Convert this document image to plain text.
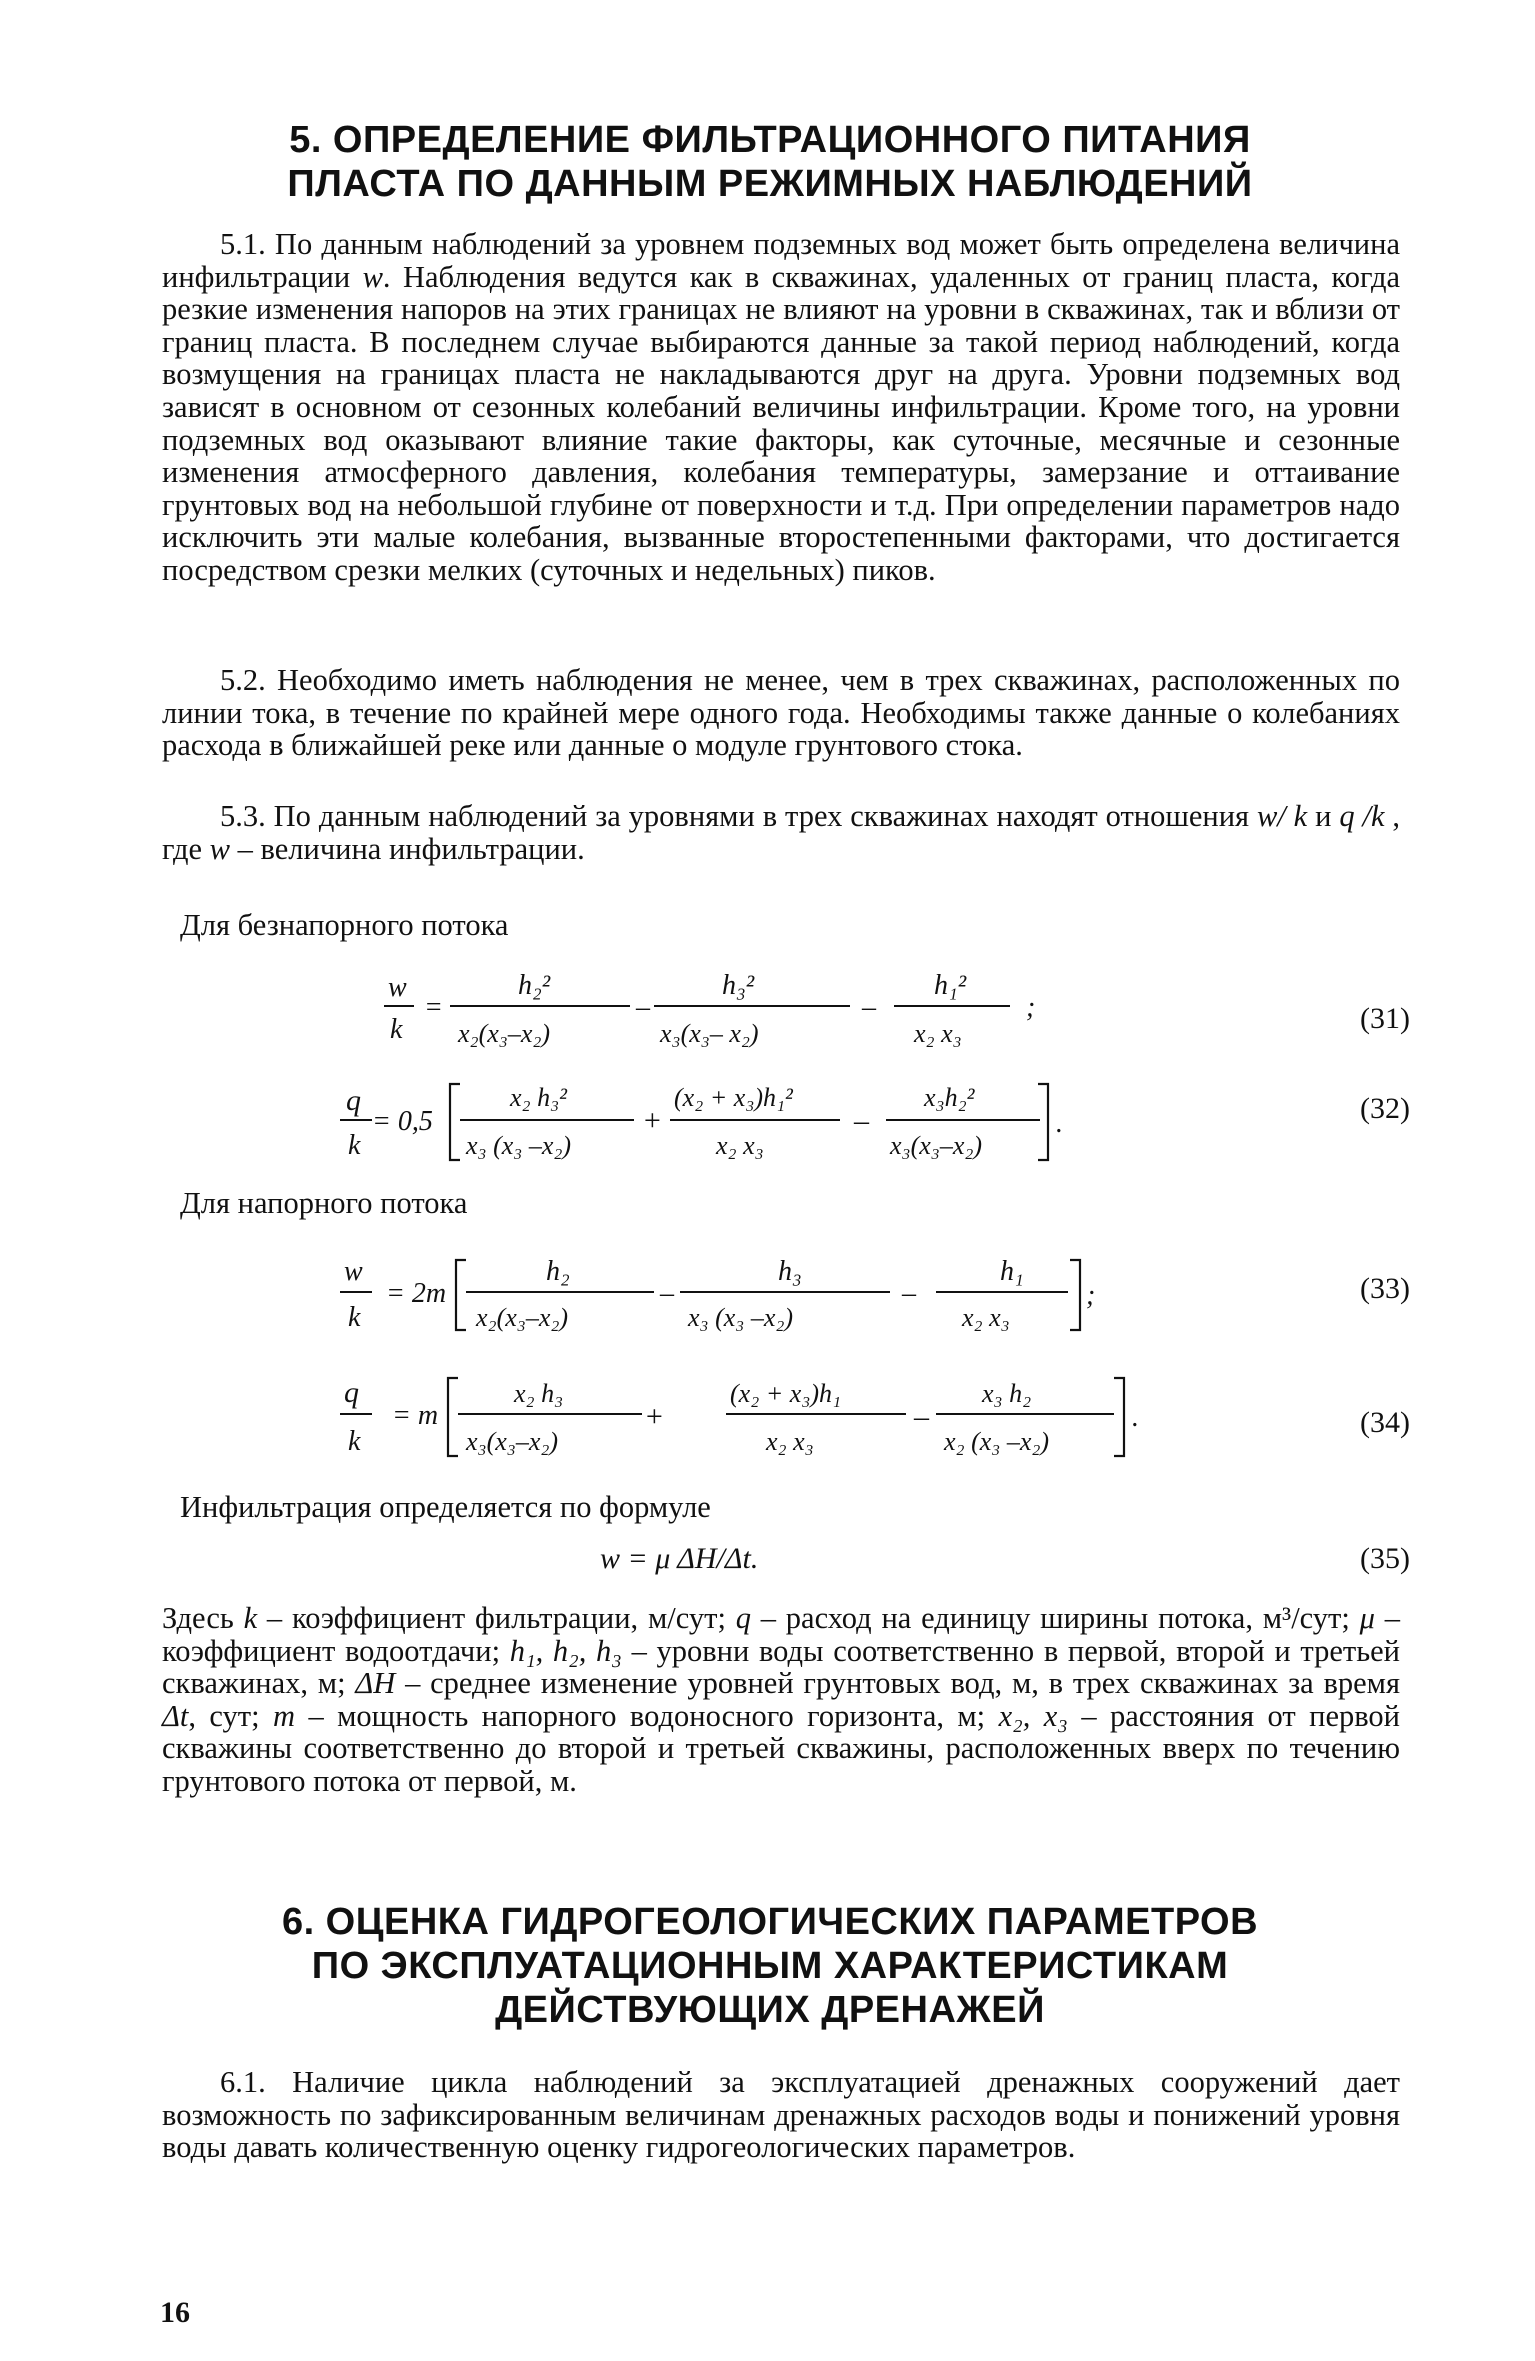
5. ОПРЕДЕЛЕНИЕ ФИЛЬТРАЦИОННОГО ПИТАНИЯ
ПЛАСТА ПО ДАННЫМ РЕЖИМНЫХ НАБЛЮДЕНИЙ
5.1. По данным наблюдений за уровнем подземных вод может быть определена величина инфильтрации w. Наблюдения ведутся как в скважинах, удаленных от границ пласта, когда резкие изменения напоров на этих границах не влияют на уровни в скважинах, так и вблизи от границ пласта. В последнем случае выбираются данные за такой период наблюдений, когда возмущения на границах пласта не накладываются друг на друга. Уровни подземных вод зависят в основном от сезонных колебаний величины инфильтрации. Кроме того, на уровни подземных вод оказывают влияние такие факторы, как суточные, месячные и сезонные изменения атмосферного давления, колебания температуры, замерзание и оттаивание грунтовых вод на небольшой глубине от поверхности и т.д. При определении параметров надо исключить эти малые колебания, вызванные второстепенными факторами, что достигается посредством срезки мелких (суточных и недельных) пиков.
5.2. Необходимо иметь наблюдения не менее, чем в трех скважинах, расположенных по линии тока, в течение по крайней мере одного года. Необходимы также данные о колебаниях расхода в ближайшей реке или данные о модуле грунтового стока.
5.3. По данным наблюдений за уровнями в трех скважинах находят отношения w/ k и q /k , где w – величина инфильтрации.
Для безнапорного потока
w
k
=
h₂²
x₂(x₃–x₂)
–
h₃²
x₃(x₃– x₂)
–
h₁²
x₂ x₃
;	(31)
q
k
= 0,5
x₂ h₃²
x₃ (x₃ –x₂)
+
(x₂ + x₃)h₁²
x₂ x₃
–
x₃h₂²
x₃(x₃–x₂)
.	(32)
Для напорного потока
w
k
= 2m
h₂
x₂(x₃–x₂)
–
h₃
x₃ (x₃ –x₂)
–
h₁
x₂ x₃
;	(33)
q
k
= m
x₂ h₃
x₃(x₃–x₂)
+
(x₂ + x₃)h₁
x₂ x₃
–
x₃ h₂
x₂ (x₃ –x₂)
.	(34)
Инфильтрация определяется по формуле
w = μ ΔH/Δt.	(35)
Здесь k – коэффициент фильтрации, м/сут; q – расход на единицу ширины потока, м³/сут; μ – коэффициент водоотдачи; h₁, h₂, h₃ – уровни воды соответственно в первой, второй и третьей скважинах, м; ΔH – среднее изменение уровней грунтовых вод, м, в трех скважинах за время Δt, сут; m – мощность напорного водоносного горизонта, м; x₂, x₃ – расстояния от первой скважины соответственно до второй и третьей скважины, расположенных вверх по течению грунтового потока от первой, м.
6. ОЦЕНКА ГИДРОГЕОЛОГИЧЕСКИХ ПАРАМЕТРОВ
ПО ЭКСПЛУАТАЦИОННЫМ ХАРАКТЕРИСТИКАМ
ДЕЙСТВУЮЩИХ ДРЕНАЖЕЙ
6.1. Наличие цикла наблюдений за эксплуатацией дренажных сооружений дает возможность по зафиксированным величинам дренажных расходов воды и понижений уровня воды давать количественную оценку гидрогеологических параметров.
16
